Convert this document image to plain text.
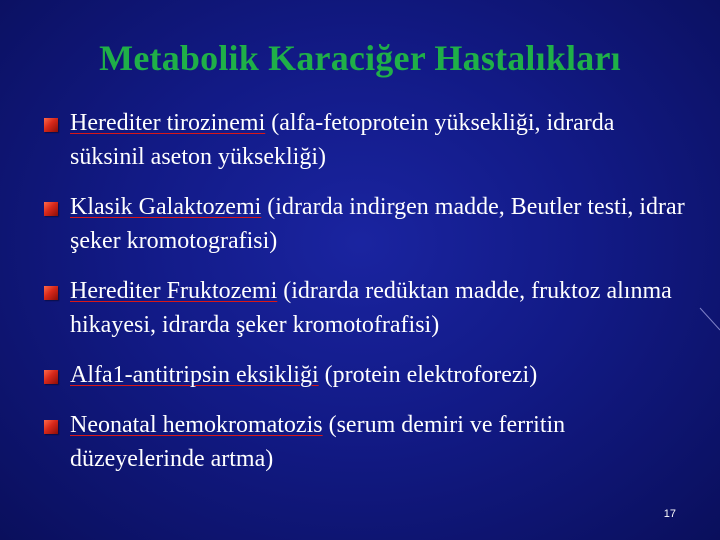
Metabolik Karaciğer Hastalıkları
Herediter tirozinemi (alfa-fetoprotein yüksekliği, idrarda süksinil aseton yüksekliği)
Klasik Galaktozemi (idrarda indirgen madde, Beutler testi, idrar şeker kromotografisi)
Herediter Fruktozemi (idrarda redüktan madde, fruktoz alınma hikayesi, idrarda şeker kromotofrafisi)
Alfa1-antitripsin eksikliği (protein elektroforezi)
Neonatal hemokromatozis (serum demiri ve ferritin düzeyelerinde artma)
17
